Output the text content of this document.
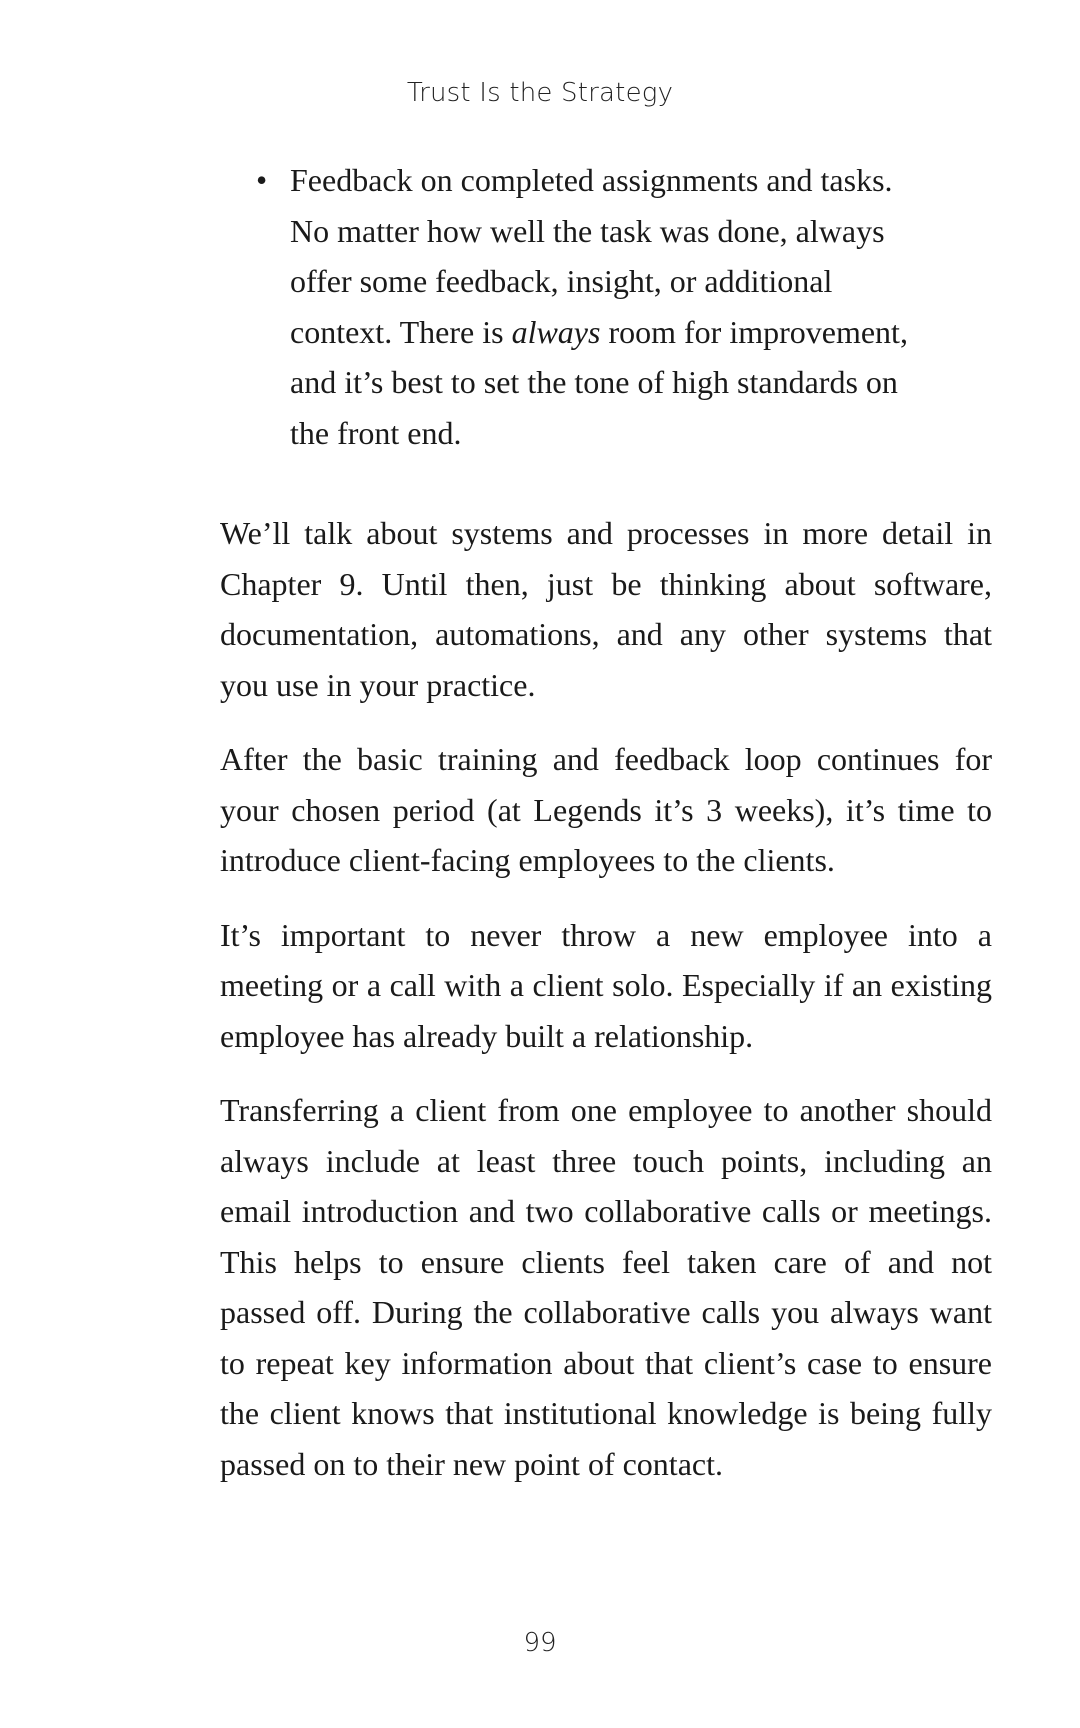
Trust Is the Strategy
• Feedback on completed assignments and tasks. No matter how well the task was done, always offer some feedback, insight, or additional context. There is always room for improvement, and it’s best to set the tone of high standards on the front end.

We’ll talk about systems and processes in more detail in Chapter 9. Until then, just be thinking about software, documentation, automations, and any other systems that you use in your practice.

After the basic training and feedback loop continues for your chosen period (at Legends it’s 3 weeks), it’s time to introduce client-facing employees to the clients.

It’s important to never throw a new employee into a meeting or a call with a client solo. Especially if an existing employee has already built a relationship.

Transferring a client from one employee to another should always include at least three touch points, including an email introduction and two collaborative calls or meetings. This helps to ensure clients feel taken care of and not passed off. During the collaborative calls you always want to repeat key information about that client’s case to ensure the client knows that institutional knowledge is being fully passed on to their new point of contact.

99
